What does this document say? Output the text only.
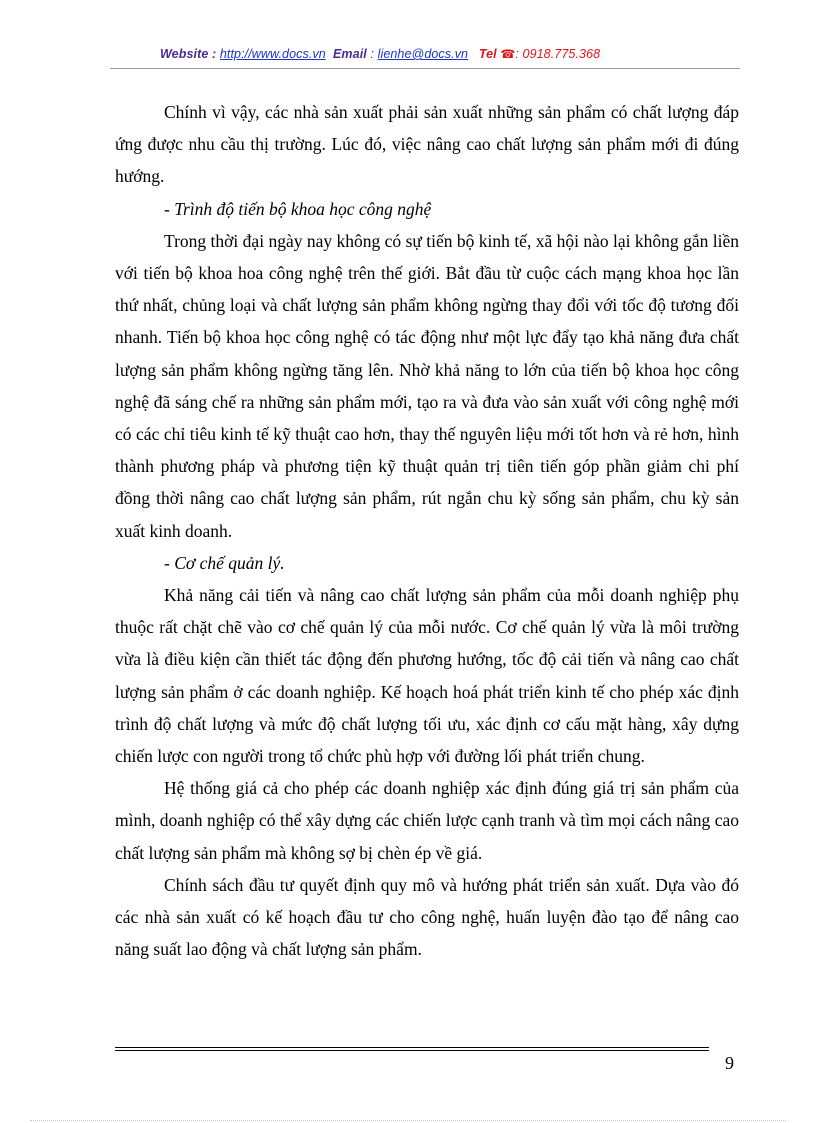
Website : http://www.docs.vn Email : lienhe@docs.vn Tel ☎: 0918.775.368

Chính vì vậy, các nhà sản xuất phải sản xuất những sản phẩm có chất lượng đáp ứng được nhu cầu thị trường. Lúc đó, việc nâng cao chất lượng sản phẩm mới đi đúng hướng.

- Trình độ tiến bộ khoa học công nghệ

Trong thời đại ngày nay không có sự tiến bộ kinh tế, xã hội nào lại không gắn liền với tiến bộ khoa hoa công nghệ trên thế giới. Bắt đầu từ cuộc cách mạng khoa học lần thứ nhất, chủng loại và chất lượng sản phẩm không ngừng thay đổi với tốc độ tương đối nhanh. Tiến bộ khoa học công nghệ có tác động như một lực đẩy tạo khả năng đưa chất lượng sản phẩm không ngừng tăng lên. Nhờ khả năng to lớn của tiến bộ khoa học công nghệ đã sáng chế ra những sản phẩm mới, tạo ra và đưa vào sản xuất với công nghệ mới có các chỉ tiêu kinh tế kỹ thuật cao hơn, thay thế nguyên liệu mới tốt hơn và rẻ hơn, hình thành phương pháp và phương tiện kỹ thuật quản trị tiên tiến góp phần giảm chi phí đồng thời nâng cao chất lượng sản phẩm, rút ngắn chu kỳ sống sản phẩm, chu kỳ sản xuất kinh doanh.

- Cơ chế quản lý.

Khả năng cải tiến và nâng cao chất lượng sản phẩm của mỗi doanh nghiệp phụ thuộc rất chặt chẽ vào cơ chế quản lý của mỗi nước. Cơ chế quản lý vừa là môi trường vừa là điều kiện cần thiết tác động đến phương hướng, tốc độ cải tiến và nâng cao chất lượng sản phẩm ở các doanh nghiệp. Kế hoạch hoá phát triển kinh tế cho phép xác định trình độ chất lượng và mức độ chất lượng tối ưu, xác định cơ cấu mặt hàng, xây dựng chiến lược con người trong tổ chức phù hợp với đường lối phát triển chung.

Hệ thống giá cả cho phép các doanh nghiệp xác định đúng giá trị sản phẩm của mình, doanh nghiệp có thể xây dựng các chiến lược cạnh tranh và tìm mọi cách nâng cao chất lượng sản phẩm mà không sợ bị chèn ép về giá.

Chính sách đầu tư quyết định quy mô và hướng phát triển sản xuất. Dựa vào đó các nhà sản xuất có kế hoạch đầu tư cho công nghệ, huấn luyện đào tạo để nâng cao năng suất lao động và chất lượng sản phẩm.

9
